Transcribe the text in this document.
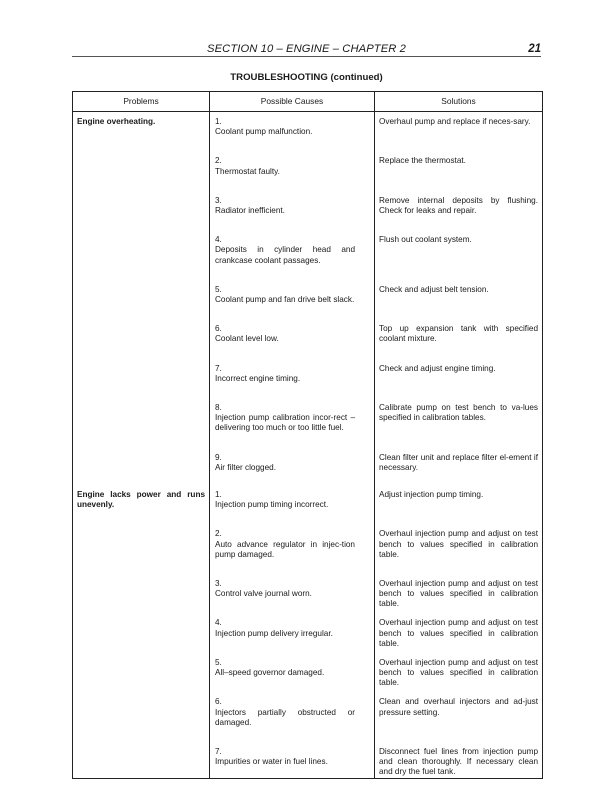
SECTION 10 – ENGINE – CHAPTER 2	21
TROUBLESHOOTING (continued)
Problems	Possible Causes	Solutions
Engine overheating.	1.Coolant pump malfunction.	Overhaul pump and replace if neces-sary.

	2.Thermostat faulty.	Replace the thermostat.

	3.Radiator inefficient.	Remove internal deposits by flushing. Check for leaks and repair.

	4.Deposits in cylinder head and crankcase coolant passages.	Flush out coolant system.

	5.Coolant pump and fan drive belt slack.	Check and adjust belt tension.

	6.Coolant level low.	Top up expansion tank with specified coolant mixture.

	7.Incorrect engine timing.	Check and adjust engine timing.

	8.Injection pump calibration incor-rect – delivering too much or too little fuel.	Calibrate pump on test bench to va-lues specified in calibration tables.

	9.Air filter clogged.	Clean filter unit and replace filter el-ement if necessary.

Engine lacks power and runs unevenly.	1.Injection pump timing incorrect.	Adjust injection pump timing.

	2.Auto advance regulator in injec-tion pump damaged.	Overhaul injection pump and adjust on test bench to values specified in calibration table.

	3.Control valve journal worn.	Overhaul injection pump and adjust on test bench to values specified in calibration table.

	4.Injection pump delivery irregular.	Overhaul injection pump and adjust on test bench to values specified in calibration table.

	5.All–speed governor damaged.	Overhaul injection pump and adjust on test bench to values specified in calibration table.

	6.Injectors partially obstructed or damaged.	Clean and overhaul injectors and ad-just pressure setting.

	7.Impurities or water in fuel lines.	Disconnect fuel lines from injection pump and clean thoroughly. If necessary clean and dry the fuel tank.
